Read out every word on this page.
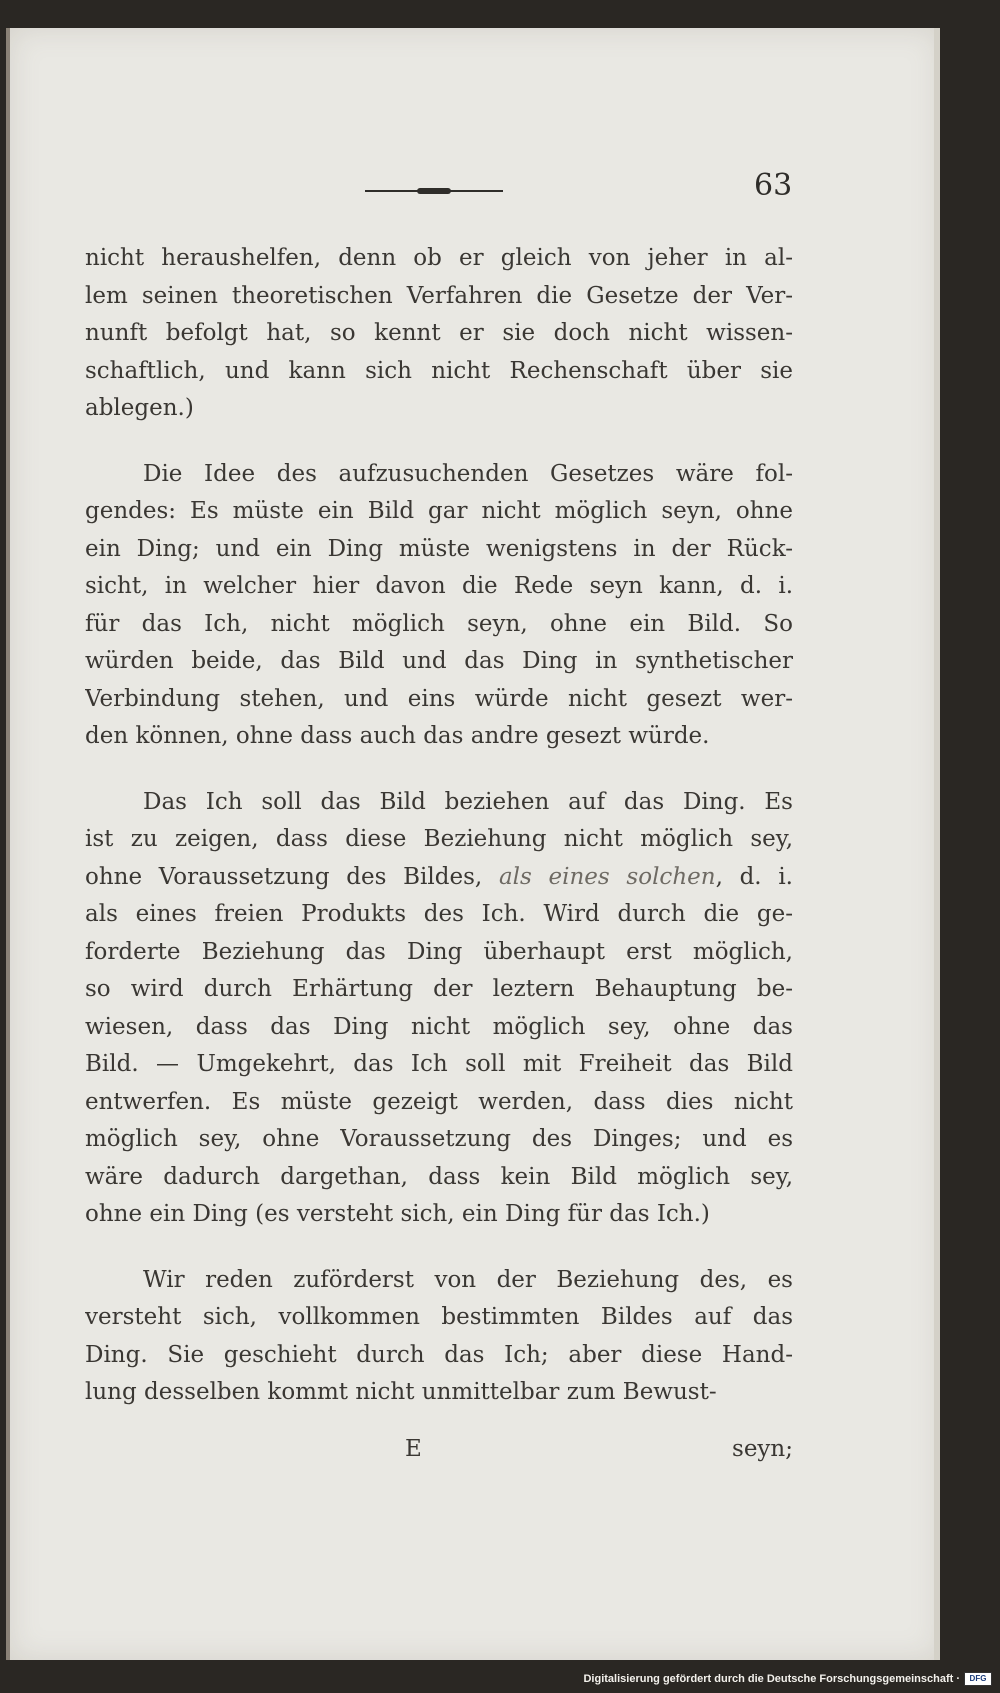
63
nicht heraushelfen, denn ob er gleich von jeher in al-
lem seinen theoretischen Verfahren die Gesetze der Ver-
nunft befolgt hat, so kennt er sie doch nicht wissen-
schaftlich, und kann sich nicht Rechenschaft über sie
ablegen.)
Die Idee des aufzusuchenden Gesetzes wäre fol-
gendes: Es müste ein Bild gar nicht möglich seyn, ohne
ein Ding; und ein Ding müste wenigstens in der Rück-
sicht, in welcher hier davon die Rede seyn kann, d. i.
für das Ich, nicht möglich seyn, ohne ein Bild. So
würden beide, das Bild und das Ding in synthetischer
Verbindung stehen, und eins würde nicht gesezt wer-
den können, ohne dass auch das andre gesezt würde.
Das Ich soll das Bild beziehen auf das Ding. Es
ist zu zeigen, dass diese Beziehung nicht möglich sey,
ohne Voraussetzung des Bildes, als eines solchen, d. i.
als eines freien Produkts des Ich. Wird durch die ge-
forderte Beziehung das Ding überhaupt erst möglich,
so wird durch Erhärtung der leztern Behauptung be-
wiesen, dass das Ding nicht möglich sey, ohne das
Bild. — Umgekehrt, das Ich soll mit Freiheit das Bild
entwerfen. Es müste gezeigt werden, dass dies nicht
möglich sey, ohne Voraussetzung des Dinges; und es
wäre dadurch dargethan, dass kein Bild möglich sey,
ohne ein Ding (es versteht sich, ein Ding für das Ich.)
Wir reden zuförderst von der Beziehung des, es
versteht sich, vollkommen bestimmten Bildes auf das
Ding. Sie geschieht durch das Ich; aber diese Hand-
lung desselben kommt nicht unmittelbar zum Bewust-
E	seyn;
Digitalisierung gefördert durch die Deutsche Forschungsgemeinschaft ·	DFG
